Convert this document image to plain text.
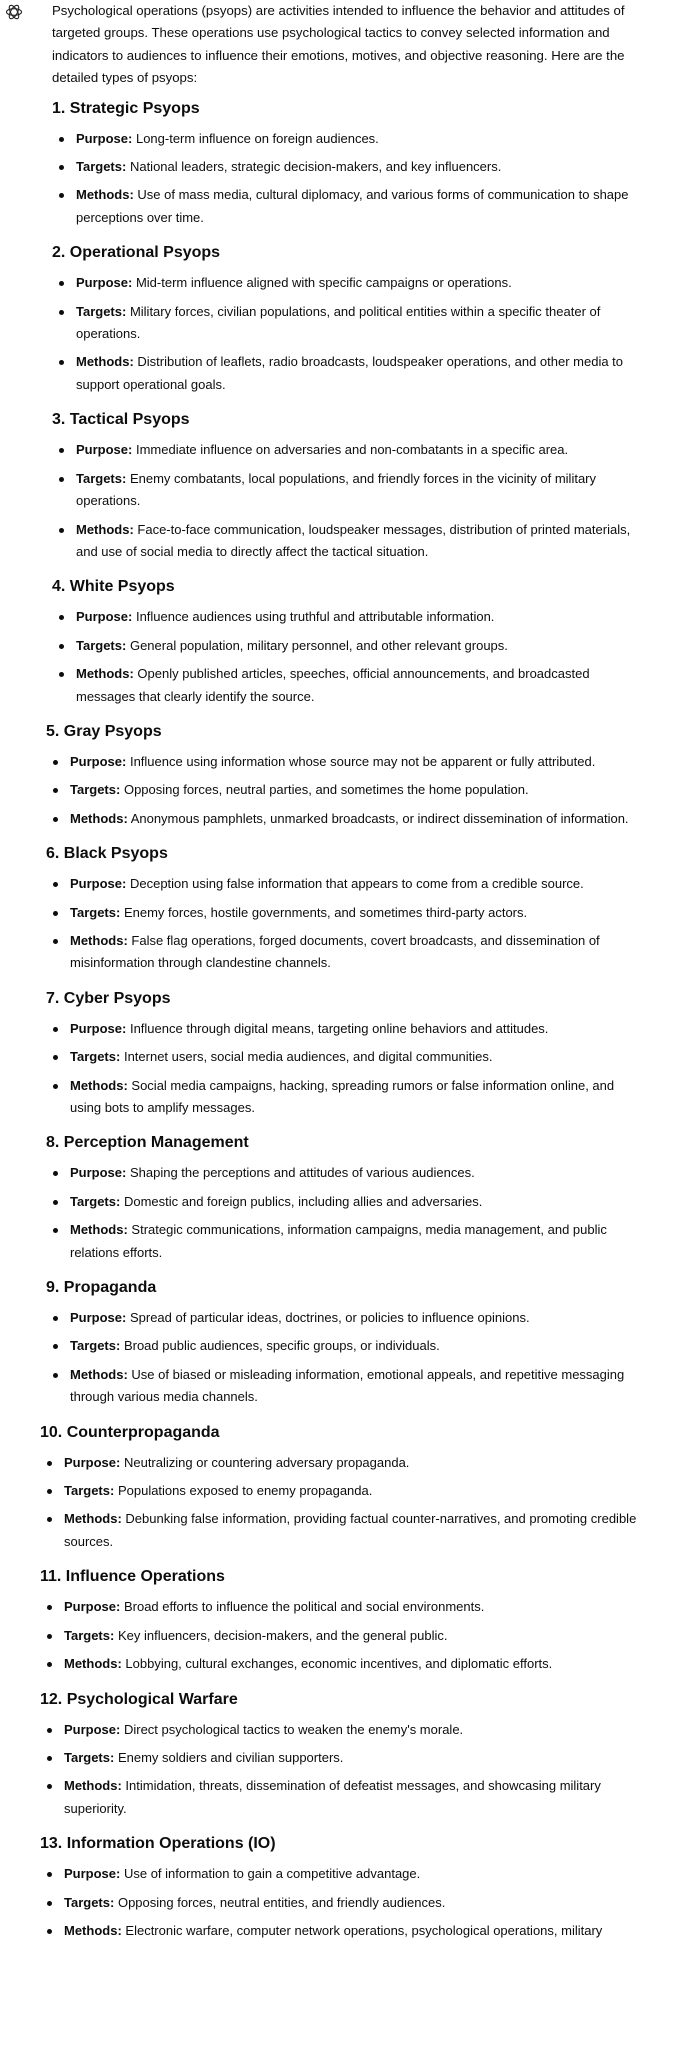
Psychological operations (psyops) are activities intended to influence the behavior and attitudes of targeted groups. These operations use psychological tactics to convey selected information and indicators to audiences to influence their emotions, motives, and objective reasoning. Here are the detailed types of psyops:

1. Strategic Psyops
Purpose: Long-term influence on foreign audiences.
Targets: National leaders, strategic decision-makers, and key influencers.
Methods: Use of mass media, cultural diplomacy, and various forms of communication to shape perceptions over time.
2. Operational Psyops
Purpose: Mid-term influence aligned with specific campaigns or operations.
Targets: Military forces, civilian populations, and political entities within a specific theater of operations.
Methods: Distribution of leaflets, radio broadcasts, loudspeaker operations, and other media to support operational goals.
3. Tactical Psyops
Purpose: Immediate influence on adversaries and non-combatants in a specific area.
Targets: Enemy combatants, local populations, and friendly forces in the vicinity of military operations.
Methods: Face-to-face communication, loudspeaker messages, distribution of printed materials, and use of social media to directly affect the tactical situation.
4. White Psyops
Purpose: Influence audiences using truthful and attributable information.
Targets: General population, military personnel, and other relevant groups.
Methods: Openly published articles, speeches, official announcements, and broadcasted messages that clearly identify the source.
5. Gray Psyops
Purpose: Influence using information whose source may not be apparent or fully attributed.
Targets: Opposing forces, neutral parties, and sometimes the home population.
Methods: Anonymous pamphlets, unmarked broadcasts, or indirect dissemination of information.
6. Black Psyops
Purpose: Deception using false information that appears to come from a credible source.
Targets: Enemy forces, hostile governments, and sometimes third-party actors.
Methods: False flag operations, forged documents, covert broadcasts, and dissemination of misinformation through clandestine channels.
7. Cyber Psyops
Purpose: Influence through digital means, targeting online behaviors and attitudes.
Targets: Internet users, social media audiences, and digital communities.
Methods: Social media campaigns, hacking, spreading rumors or false information online, and using bots to amplify messages.
8. Perception Management
Purpose: Shaping the perceptions and attitudes of various audiences.
Targets: Domestic and foreign publics, including allies and adversaries.
Methods: Strategic communications, information campaigns, media management, and public relations efforts.
9. Propaganda
Purpose: Spread of particular ideas, doctrines, or policies to influence opinions.
Targets: Broad public audiences, specific groups, or individuals.
Methods: Use of biased or misleading information, emotional appeals, and repetitive messaging through various media channels.
10. Counterpropaganda
Purpose: Neutralizing or countering adversary propaganda.
Targets: Populations exposed to enemy propaganda.
Methods: Debunking false information, providing factual counter-narratives, and promoting credible sources.
11. Influence Operations
Purpose: Broad efforts to influence the political and social environments.
Targets: Key influencers, decision-makers, and the general public.
Methods: Lobbying, cultural exchanges, economic incentives, and diplomatic efforts.
12. Psychological Warfare
Purpose: Direct psychological tactics to weaken the enemy's morale.
Targets: Enemy soldiers and civilian supporters.
Methods: Intimidation, threats, dissemination of defeatist messages, and showcasing military superiority.
13. Information Operations (IO)
Purpose: Use of information to gain a competitive advantage.
Targets: Opposing forces, neutral entities, and friendly audiences.
Methods: Electronic warfare, computer network operations, psychological operations, military
